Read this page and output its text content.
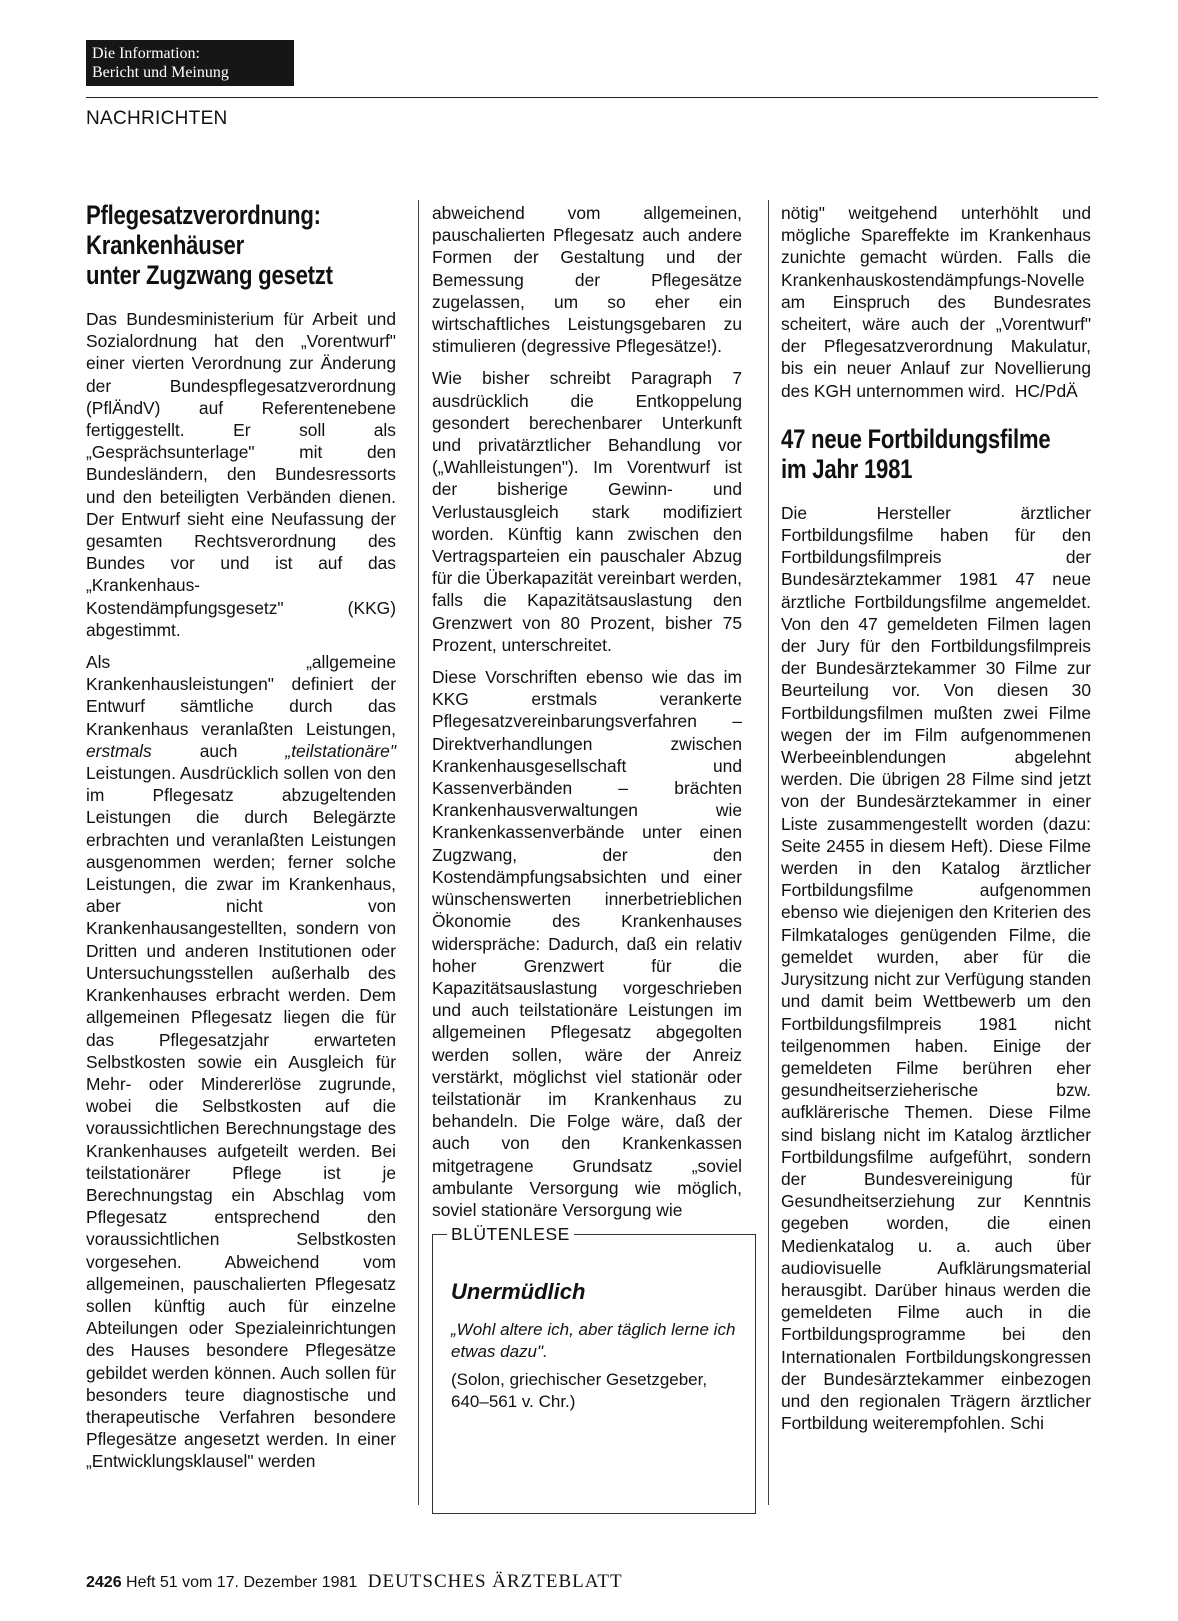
Die Information:
Bericht und Meinung
NACHRICHTEN
Pflegesatzverordnung:
Krankenhäuser
unter Zugzwang gesetzt

Das Bundesministerium für Arbeit und Sozialordnung hat den „Vorentwurf" einer vierten Verordnung zur Änderung der Bundespflegesatzverordnung (PflÄndV) auf Referentenebene fertiggestellt. Er soll als „Gesprächsunterlage" mit den Bundesländern, den Bundesressorts und den beteiligten Verbänden dienen. Der Entwurf sieht eine Neufassung der gesamten Rechtsverordnung des Bundes vor und ist auf das „Krankenhaus-Kostendämpfungsgesetz" (KKG) abgestimmt.

Als „allgemeine Krankenhausleistungen" definiert der Entwurf sämtliche durch das Krankenhaus veranlaßten Leistungen, erstmals auch „teilstationäre" Leistungen. Ausdrücklich sollen von den im Pflegesatz abzugeltenden Leistungen die durch Belegärzte erbrachten und veranlaßten Leistungen ausgenommen werden; ferner solche Leistungen, die zwar im Krankenhaus, aber nicht von Krankenhausangestellten, sondern von Dritten und anderen Institutionen oder Untersuchungsstellen außerhalb des Krankenhauses erbracht werden. Dem allgemeinen Pflegesatz liegen die für das Pflegesatzjahr erwarteten Selbstkosten sowie ein Ausgleich für Mehr- oder Mindererlöse zugrunde, wobei die Selbstkosten auf die voraussichtlichen Berechnungstage des Krankenhauses aufgeteilt werden. Bei teilstationärer Pflege ist je Berechnungstag ein Abschlag vom Pflegesatz entsprechend den voraussichtlichen Selbstkosten vorgesehen. Abweichend vom allgemeinen, pauschalierten Pflegesatz sollen künftig auch für einzelne Abteilungen oder Spezialeinrichtungen des Hauses besondere Pflegesätze gebildet werden können. Auch sollen für besonders teure diagnostische und therapeutische Verfahren besondere Pflegesätze angesetzt werden. In einer „Entwicklungsklausel" werden

abweichend vom allgemeinen, pauschalierten Pflegesatz auch andere Formen der Gestaltung und der Bemessung der Pflegesätze zugelassen, um so eher ein wirtschaftliches Leistungsgebaren zu stimulieren (degressive Pflegesätze!).

Wie bisher schreibt Paragraph 7 ausdrücklich die Entkoppelung gesondert berechenbarer Unterkunft und privatärztlicher Behandlung vor („Wahlleistungen"). Im Vorentwurf ist der bisherige Gewinn- und Verlustausgleich stark modifiziert worden. Künftig kann zwischen den Vertragsparteien ein pauschaler Abzug für die Überkapazität vereinbart werden, falls die Kapazitätsauslastung den Grenzwert von 80 Prozent, bisher 75 Prozent, unterschreitet.

Diese Vorschriften ebenso wie das im KKG erstmals verankerte Pflegesatzvereinbarungsverfahren – Direktverhandlungen zwischen Krankenhausgesellschaft und Kassenverbänden – brächten Krankenhausverwaltungen wie Krankenkassenverbände unter einen Zugzwang, der den Kostendämpfungsabsichten und einer wünschenswerten innerbetrieblichen Ökonomie des Krankenhauses widerspräche: Dadurch, daß ein relativ hoher Grenzwert für die Kapazitätsauslastung vorgeschrieben und auch teilstationäre Leistungen im allgemeinen Pflegesatz abgegolten werden sollen, wäre der Anreiz verstärkt, möglichst viel stationär oder teilstationär im Krankenhaus zu behandeln. Die Folge wäre, daß der auch von den Krankenkassen mitgetragene Grundsatz „soviel ambulante Versorgung wie möglich, soviel stationäre Versorgung wie

BLÜTENLESE
Unermüdlich
„Wohl altere ich, aber täglich lerne ich etwas dazu".
(Solon, griechischer Gesetzgeber, 640–561 v. Chr.)

nötig" weitgehend unterhöhlt und mögliche Spareffekte im Krankenhaus zunichte gemacht würden. Falls die Krankenhauskostendämpfungs-Novelle am Einspruch des Bundesrates scheitert, wäre auch der „Vorentwurf" der Pflegesatzverordnung Makulatur, bis ein neuer Anlauf zur Novellierung des KGH unternommen wird. HC/PdÄ

47 neue Fortbildungsfilme
im Jahr 1981

Die Hersteller ärztlicher Fortbildungsfilme haben für den Fortbildungsfilmpreis der Bundesärztekammer 1981 47 neue ärztliche Fortbildungsfilme angemeldet. Von den 47 gemeldeten Filmen lagen der Jury für den Fortbildungsfilmpreis der Bundesärztekammer 30 Filme zur Beurteilung vor. Von diesen 30 Fortbildungsfilmen mußten zwei Filme wegen der im Film aufgenommenen Werbeeinblendungen abgelehnt werden. Die übrigen 28 Filme sind jetzt von der Bundesärztekammer in einer Liste zusammengestellt worden (dazu: Seite 2455 in diesem Heft). Diese Filme werden in den Katalog ärztlicher Fortbildungsfilme aufgenommen ebenso wie diejenigen den Kriterien des Filmkataloges genügenden Filme, die gemeldet wurden, aber für die Jurysitzung nicht zur Verfügung standen und damit beim Wettbewerb um den Fortbildungsfilmpreis 1981 nicht teilgenommen haben. Einige der gemeldeten Filme berühren eher gesundheitserzieherische bzw. aufklärerische Themen. Diese Filme sind bislang nicht im Katalog ärztlicher Fortbildungsfilme aufgeführt, sondern der Bundesvereinigung für Gesundheitserziehung zur Kenntnis gegeben worden, die einen Medienkatalog u. a. auch über audiovisuelle Aufklärungsmaterial herausgibt. Darüber hinaus werden die gemeldeten Filme auch in die Fortbildungsprogramme bei den Internationalen Fortbildungskongressen der Bundesärztekammer einbezogen und den regionalen Trägern ärztlicher Fortbildung weiterempfohlen. Schi

2426 Heft 51 vom 17. Dezember 1981 DEUTSCHES ÄRZTEBLATT
